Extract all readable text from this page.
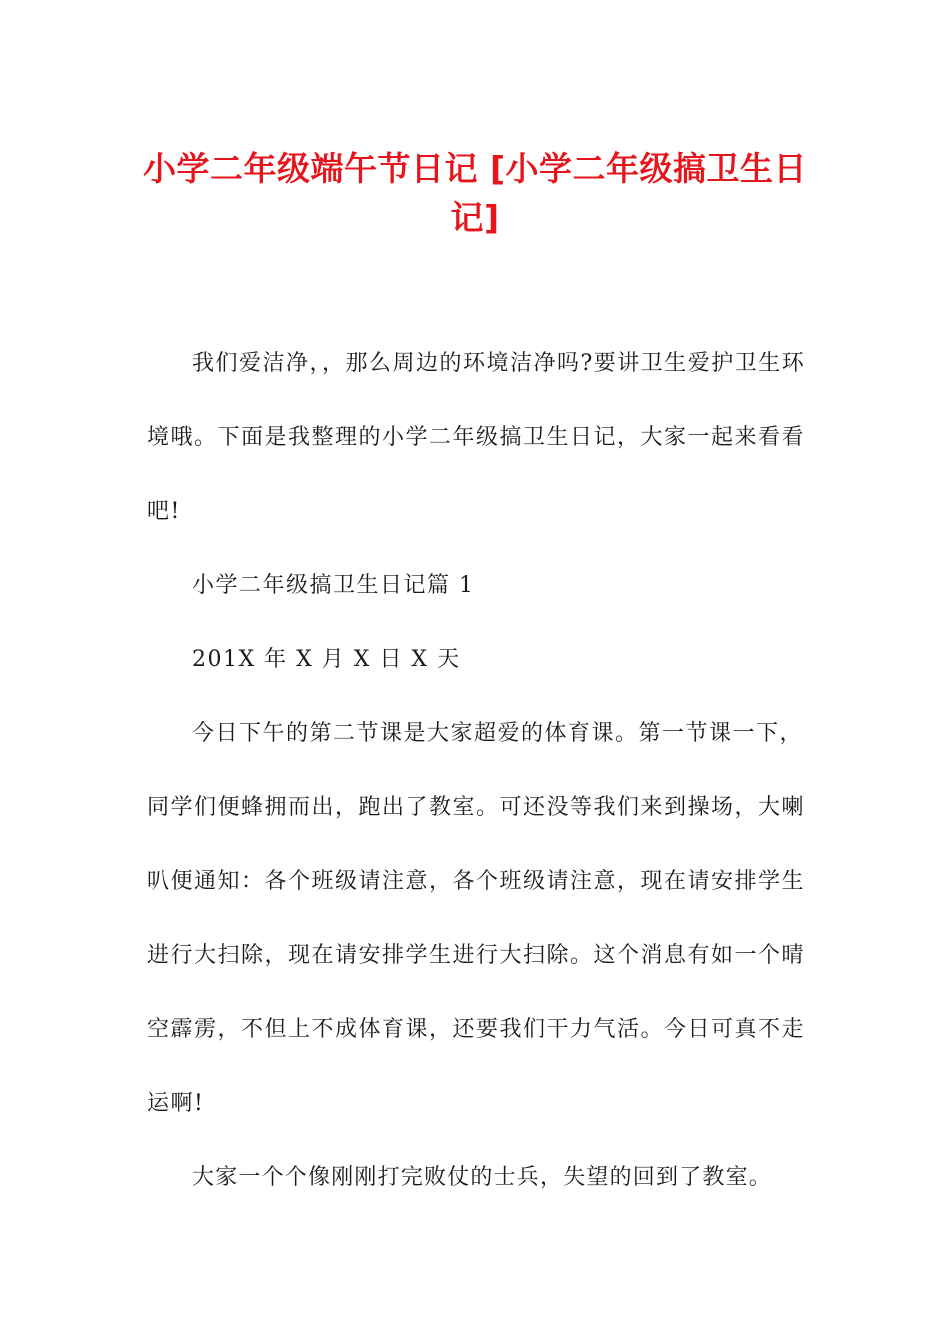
小学二年级端午节日记 [小学二年级搞卫生日记]

我们爱洁净，，那么周边的环境洁净吗?要讲卫生爱护卫生环境哦。下面是我整理的小学二年级搞卫生日记，大家一起来看看吧!

小学二年级搞卫生日记篇 1

201X 年 X 月 X 日 X 天

今日下午的第二节课是大家超爱的体育课。第一节课一下，同学们便蜂拥而出，跑出了教室。可还没等我们来到操场，大喇叭便通知：各个班级请注意，各个班级请注意，现在请安排学生进行大扫除，现在请安排学生进行大扫除。这个消息有如一个晴空霹雳，不但上不成体育课，还要我们干力气活。今日可真不走运啊!

大家一个个像刚刚打完败仗的士兵，失望的回到了教室。
